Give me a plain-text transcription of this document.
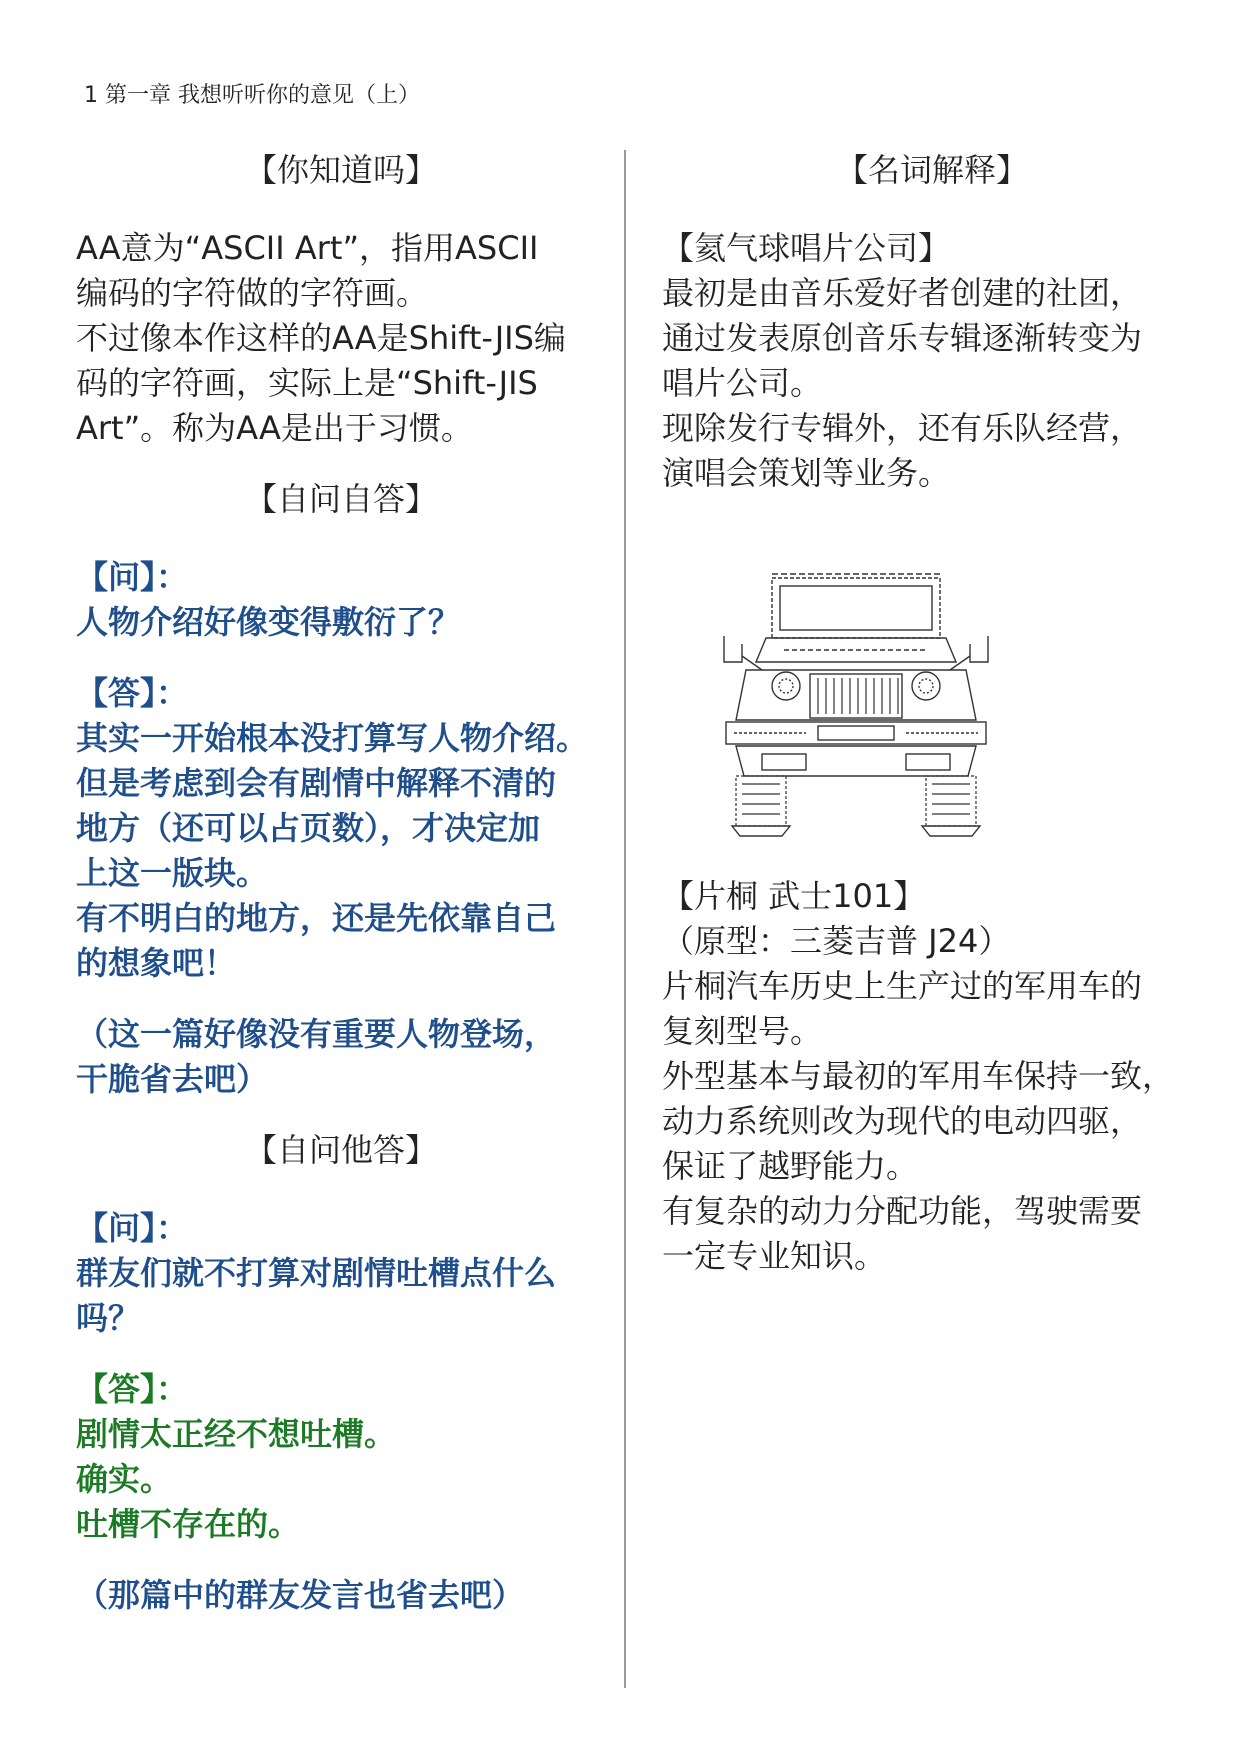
1 第一章 我想听听你的意见（上）
【你知道吗】

AA意为“ASCII Art”，指用ASCII

编码的字符做的字符画。

不过像本作这样的AA是Shift-JIS编

码的字符画，实际上是“Shift-JIS

Art”。称为AA是出于习惯。

【自问自答】

【问】：

人物介绍好像变得敷衍了？

【答】：

其实一开始根本没打算写人物介绍。

但是考虑到会有剧情中解释不清的

地方（还可以占页数），才决定加

上这一版块。

有不明白的地方，还是先依靠自己

的想象吧！

（这一篇好像没有重要人物登场，

干脆省去吧）

【自问他答】

【问】：

群友们就不打算对剧情吐槽点什么

吗？

【答】：

剧情太正经不想吐槽。

确实。

吐槽不存在的。

（那篇中的群友发言也省去吧）

【名词解释】

【氦气球唱片公司】

最初是由音乐爱好者创建的社团，

通过发表原创音乐专辑逐渐转变为

唱片公司。

现除发行专辑外，还有乐队经营，

演唱会策划等业务。

【片桐 武士101】

（原型：三菱吉普 J24）

片桐汽车历史上生产过的军用车的

复刻型号。

外型基本与最初的军用车保持一致，

动力系统则改为现代的电动四驱，

保证了越野能力。

有复杂的动力分配功能，驾驶需要

一定专业知识。
